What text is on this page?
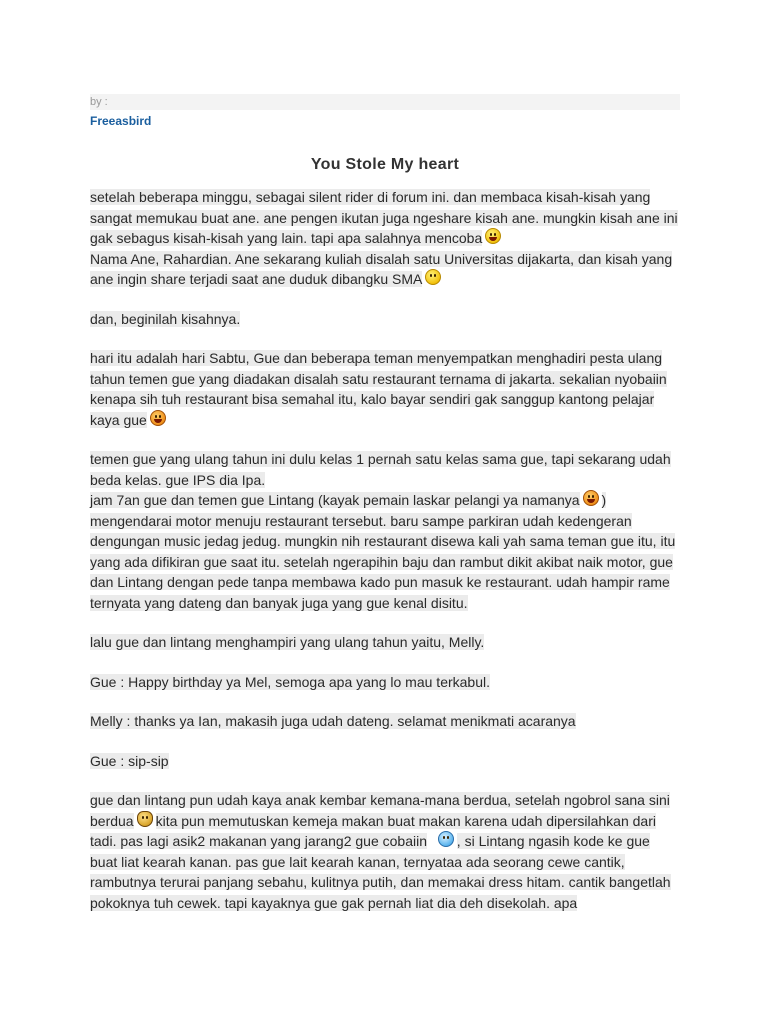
by :
Freeasbird
You Stole My heart

setelah beberapa minggu, sebagai silent rider di forum ini. dan membaca kisah-kisah yang sangat memukau buat ane. ane pengen ikutan juga ngeshare kisah ane. mungkin kisah ane ini gak sebagus kisah-kisah yang lain. tapi apa salahnya mencoba

Nama Ane, Rahardian. Ane sekarang kuliah disalah satu Universitas dijakarta, dan kisah yang ane ingin share terjadi saat ane duduk dibangku SMA

dan, beginilah kisahnya.

hari itu adalah hari Sabtu, Gue dan beberapa teman menyempatkan menghadiri pesta ulang tahun temen gue yang diadakan disalah satu restaurant ternama di jakarta. sekalian nyobaiin kenapa sih tuh restaurant bisa semahal itu, kalo bayar sendiri gak sanggup kantong pelajar kaya gue

temen gue yang ulang tahun ini dulu kelas 1 pernah satu kelas sama gue, tapi sekarang udah beda kelas. gue IPS dia Ipa.
jam 7an gue dan temen gue Lintang (kayak pemain laskar pelangi ya namanya )
mengendarai motor menuju restaurant tersebut. baru sampe parkiran udah kedengeran dengungan music jedag jedug. mungkin nih restaurant disewa kali yah sama teman gue itu, itu yang ada difikiran gue saat itu. setelah ngerapihin baju dan rambut dikit akibat naik motor, gue dan Lintang dengan pede tanpa membawa kado pun masuk ke restaurant. udah hampir rame ternyata yang dateng dan banyak juga yang gue kenal disitu.

lalu gue dan lintang menghampiri yang ulang tahun yaitu, Melly.

Gue : Happy birthday ya Mel, semoga apa yang lo mau terkabul.

Melly : thanks ya Ian, makasih juga udah dateng. selamat menikmati acaranya

Gue : sip-sip

gue dan lintang pun udah kaya anak kembar kemana-mana berdua, setelah ngobrol sana sini berdua kita pun memutuskan kemeja makan buat makan karena udah dipersilahkan dari tadi. pas lagi asik2 makanan yang jarang2 gue cobaiin , si Lintang ngasih kode ke gue buat liat kearah kanan. pas gue lait kearah kanan, ternyataa ada seorang cewe cantik, rambutnya terurai panjang sebahu, kulitnya putih, dan memakai dress hitam. cantik bangetlah pokoknya tuh cewek. tapi kayaknya gue gak pernah liat dia deh disekolah. apa
